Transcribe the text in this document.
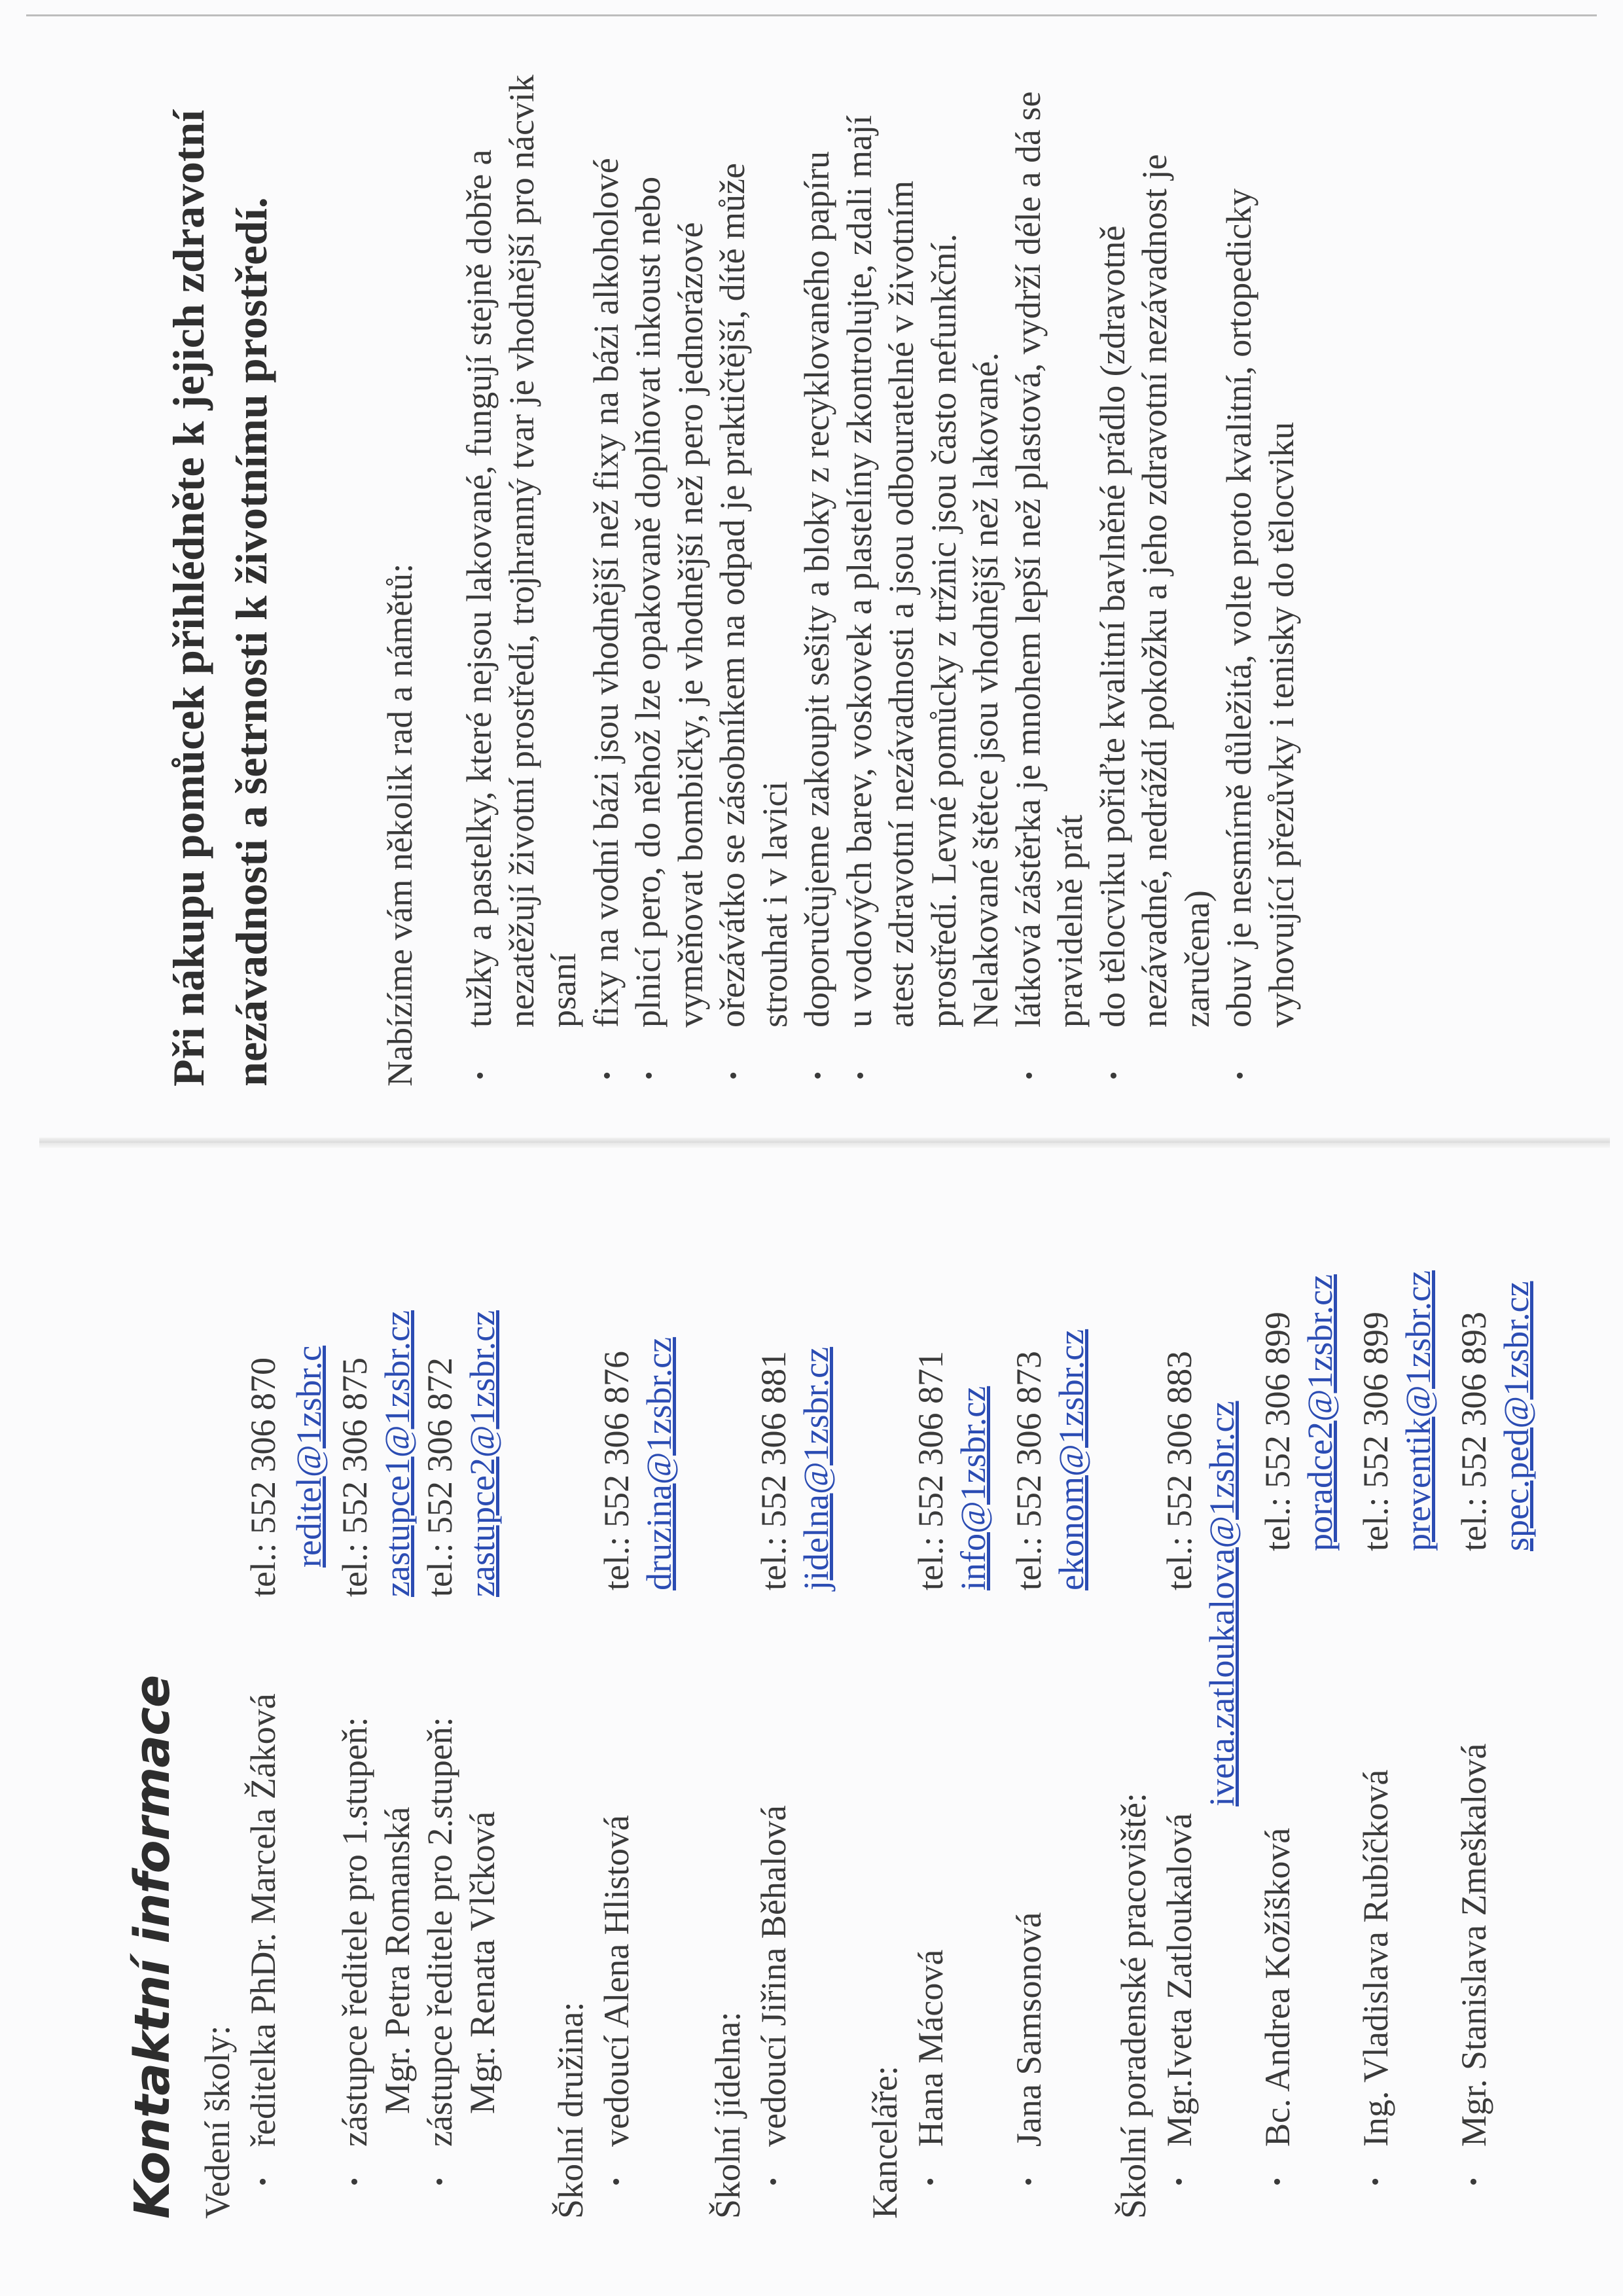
Kontaktní informace Vedení školy: • ředitelka PhDr. Marcela Žáková
tel.: 552 306 870 reditel@1zsbr.c
• zástupce ředitele pro 1.stupeň: Mgr. Petra Romanská
tel.: 552 306 875 zastupce1@1zsbr.cz
• zástupce ředitele pro 2.stupeň: Mgr. Renata Vlčková
tel.: 552 306 872 zastupce2@1zsbr.cz
Školní družina: • vedoucí Alena Hlistová
tel.: 552 306 876 druzina@1zsbr.cz
Školní jídelna: • vedoucí Jiřina Běhalová
tel.: 552 306 881 jidelna@1zsbr.cz
Kanceláře: • Hana Mácová
tel.: 552 306 871 info@1zsbr.cz
• Jana Samsonová
tel.: 552 306 873 ekonom@1zsbr.cz
Školní poradenské pracoviště: • Mgr.Iveta Zatloukalová
tel.: 552 306 883 iveta.zatloukalova@1zsbr.cz
• Bc. Andrea Kožíšková
tel.: 552 306 899 poradce2@1zsbr.cz
• Ing. Vladislava Rubíčková
tel.: 552 306 899 preventik@1zsbr.cz
• Mgr. Stanislava Zmeškalová
tel.: 552 306 893 spec.ped@1zsbr.cz
Při nákupu pomůcek přihlédněte k jejich zdravotní nezávadnosti a šetrnosti k životnímu prostředí.	Nabízíme vám několik rad a námětů: • tužky a pastelky, které nejsou lakované, fungují stejně dobře a nezatěžují životní prostředí, trojhranný tvar je vhodnější pro nácvik psaní • fixy na vodní bázi jsou vhodnější než fixy na bázi alkoholové • plnicí pero, do něhož lze opakovaně doplňovat inkoust nebo vyměňovat bombičky, je vhodnější než pero jednorázové • ořezávátko se zásobníkem na odpad je praktičtější, dítě může strouhat i v lavici • doporučujeme zakoupit sešity a bloky z recyklovaného papíru • u vodových barev, voskovek a plastelíny zkontrolujte, zdali mají atest zdravotní nezávadnosti a jsou odbouratelné v životním prostředí. Levné pomůcky z tržnic jsou často nefunkční. Nelakované štětce jsou vhodnější než lakované. • látková zástěrka je mnohem lepší než plastová, vydrží déle a dá se pravidelně prát • do tělocviku pořiďte kvalitní bavlněné prádlo (zdravotně nezávadné, nedráždí pokožku a jeho zdravotní nezávadnost je zaručena) • obuv je nesmírně důležitá, volte proto kvalitní, ortopedicky vyhovující přezůvky i tenisky do tělocviku
